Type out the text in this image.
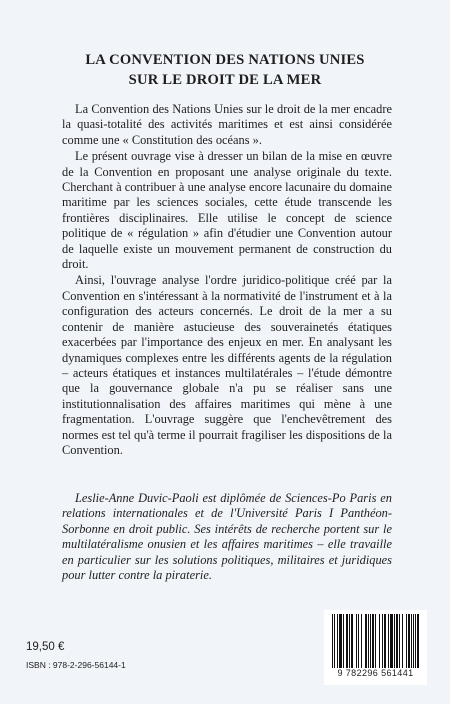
LA CONVENTION DES NATIONS UNIES
SUR LE DROIT DE LA MER

La Convention des Nations Unies sur le droit de la mer encadre la quasi-totalité des activités maritimes et est ainsi considérée comme une « Constitution des océans ».

Le présent ouvrage vise à dresser un bilan de la mise en œuvre de la Convention en proposant une analyse originale du texte. Cherchant à contribuer à une analyse encore lacunaire du domaine maritime par les sciences sociales, cette étude transcende les frontières disciplinaires. Elle utilise le concept de science politique de « régulation » afin d'étudier une Convention autour de laquelle existe un mouvement permanent de construction du droit.

Ainsi, l'ouvrage analyse l'ordre juridico-politique créé par la Convention en s'intéressant à la normativité de l'instrument et à la configuration des acteurs concernés. Le droit de la mer a su contenir de manière astucieuse des souverainetés étatiques exacerbées par l'importance des enjeux en mer. En analysant les dynamiques complexes entre les différents agents de la régulation – acteurs étatiques et instances multilatérales – l'étude démontre que la gouvernance globale n'a pu se réaliser sans une institutionnalisation des affaires maritimes qui mène à une fragmentation. L'ouvrage suggère que l'enchevêtrement des normes est tel qu'à terme il pourrait fragiliser les dispositions de la Convention.

Leslie-Anne Duvic-Paoli est diplômée de Sciences-Po Paris en relations internationales et de l'Université Paris I Panthéon-Sorbonne en droit public. Ses intérêts de recherche portent sur le multilatéralisme onusien et les affaires maritimes – elle travaille en particulier sur les solutions politiques, militaires et juridiques pour lutter contre la piraterie.
19,50 €
ISBN : 978-2-296-56144-1
9 782296 561441
